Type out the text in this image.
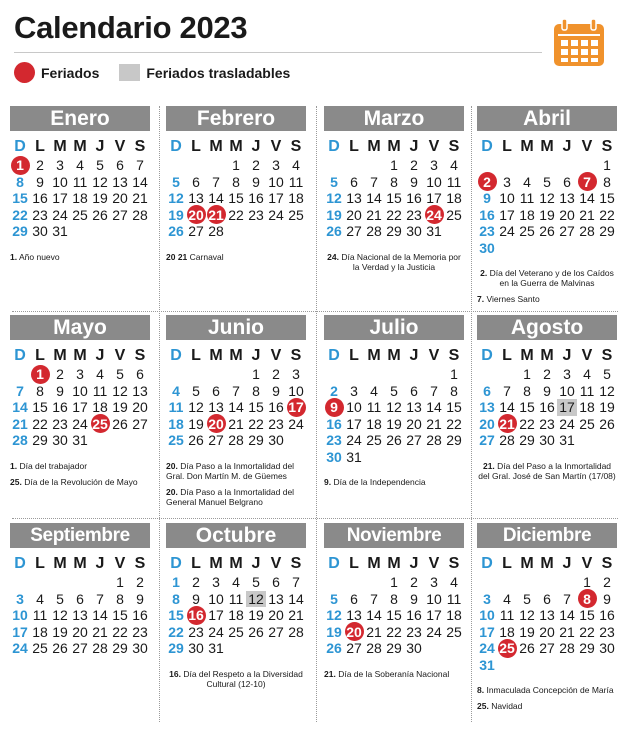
Calendario 2023
Feriados	Feriados trasladables
Enero
D L M M J V S
1 2 3 4 5 6 7
8 9 10 11 12 13 14
15 16 17 18 19 20 21
22 23 24 25 26 27 28
29 30 31
1. Año nuevo
Febrero
D L M M J V S
1 2 3 4
5 6 7 8 9 10 11
12 13 14 15 16 17 18
19 20 21 22 23 24 25
26 27 28
20 21 Carnaval
Marzo
D L M M J V S
1 2 3 4
5 6 7 8 9 10 11
12 13 14 15 16 17 18
19 20 21 22 23 24 25
26 27 28 29 30 31
24. Día Nacional de la Memoria por la Verdad y la Justicia
Abril
D L M M J V S
1
2 3 4 5 6 7 8
9 10 11 12 13 14 15
16 17 18 19 20 21 22
23 24 25 26 27 28 29
30
2. Día del Veterano y de los Caídos en la Guerra de Malvinas
7. Viernes Santo
Mayo
D L M M J V S
1 2 3 4 5 6
7 8 9 10 11 12 13
14 15 16 17 18 19 20
21 22 23 24 25 26 27
28 29 30 31
1. Día del trabajador
25. Día de la Revolución de Mayo
Junio
D L M M J V S
1 2 3
4 5 6 7 8 9 10
11 12 13 14 15 16 17
18 19 20 21 22 23 24
25 26 27 28 29 30
20. Día Paso a la Inmortalidad del Gral. Don Martín M. de Güemes
20. Día Paso a la Inmortalidad del General Manuel Belgrano
Julio
D L M M J V S
1
2 3 4 5 6 7 8
9 10 11 12 13 14 15
16 17 18 19 20 21 22
23 24 25 26 27 28 29
30 31
9. Día de la Independencia
Agosto
D L M M J V S
1 2 3 4 5
6 7 8 9 10 11 12
13 14 15 16 17 18 19
20 21 22 23 24 25 26
27 28 29 30 31
21. Día del Paso a la Inmortalidad del Gral. José de San Martín (17/08)
Septiembre
D L M M J V S
1 2
3 4 5 6 7 8 9
10 11 12 13 14 15 16
17 18 19 20 21 22 23
24 25 26 27 28 29 30
Octubre
D L M M J V S
1 2 3 4 5 6 7
8 9 10 11 12 13 14
15 16 17 18 19 20 21
22 23 24 25 26 27 28
29 30 31
16. Día del Respeto a la Diversidad Cultural (12-10)
Noviembre
D L M M J V S
1 2 3 4
5 6 7 8 9 10 11
12 13 14 15 16 17 18
19 20 21 22 23 24 25
26 27 28 29 30
21. Día de la Soberanía Nacional
Diciembre
D L M M J V S
1 2
3 4 5 6 7 8 9
10 11 12 13 14 15 16
17 18 19 20 21 22 23
24 25 26 27 28 29 30
31
8. Inmaculada Concepción de María
25. Navidad
